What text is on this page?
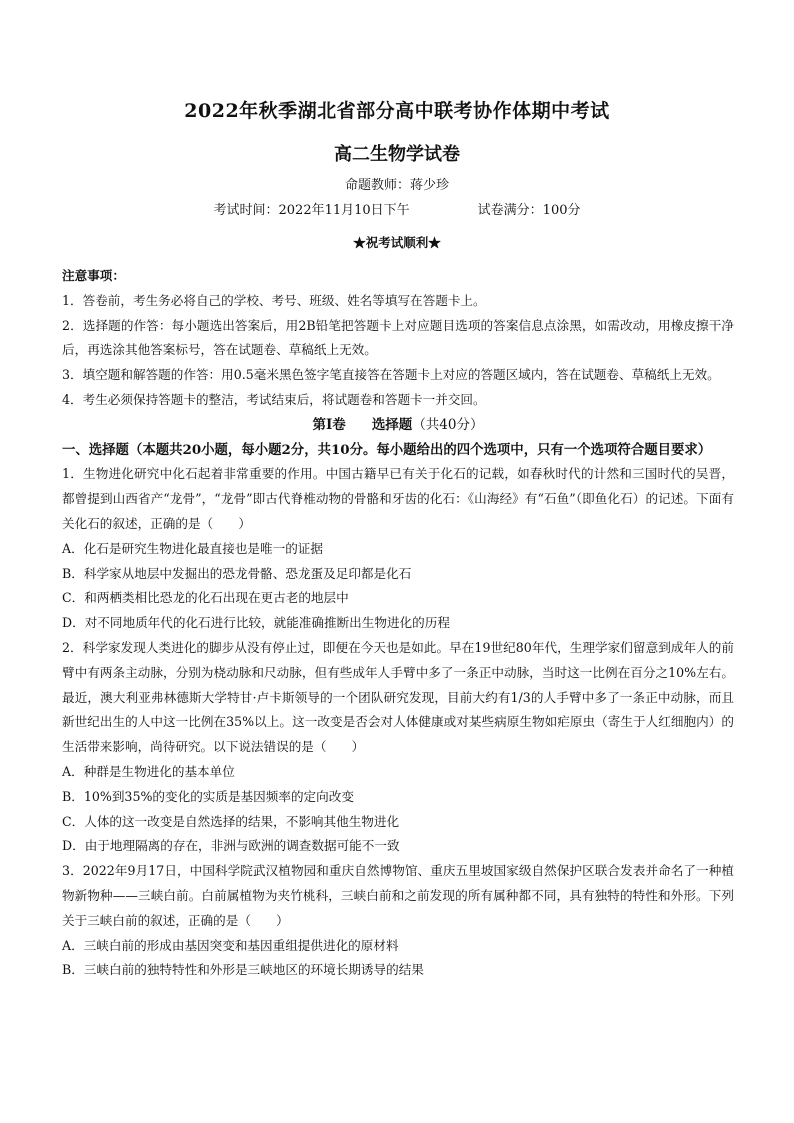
2022年秋季湖北省部分高中联考协作体期中考试
高二生物学试卷
命题教师：蒋少珍
考试时间：2022年11月10日下午	试卷满分：100分
★祝考试顺利★

注意事项：

1．答卷前，考生务必将自己的学校、考号、班级、姓名等填写在答题卡上。

2．选择题的作答：每小题选出答案后，用2B铅笔把答题卡上对应题目选项的答案信息点涂黑，如需改动，用橡皮擦干净后，再选涂其他答案标号，答在试题卷、草稿纸上无效。

3．填空题和解答题的作答：用0.5毫米黑色签字笔直接答在答题卡上对应的答题区域内，答在试题卷、草稿纸上无效。

4．考生必须保持答题卡的整洁，考试结束后，将试题卷和答题卡一并交回。

第Ⅰ卷 选择题（共40分）

一、选择题（本题共20小题，每小题2分，共10分。每小题给出的四个选项中，只有一个选项符合题目要求）

1．生物进化研究中化石起着非常重要的作用。中国古籍早已有关于化石的记载，如春秋时代的计然和三国时代的吴晋，都曾提到山西省产“龙骨”，“龙骨”即古代脊椎动物的骨骼和牙齿的化石：《山海经》有“石鱼”（即鱼化石）的记述。下面有关化石的叙述，正确的是（　　）

A．化石是研究生物进化最直接也是唯一的证据

B．科学家从地层中发掘出的恐龙骨骼、恐龙蛋及足印都是化石

C．和两栖类相比恐龙的化石出现在更古老的地层中

D．对不同地质年代的化石进行比较，就能准确推断出生物进化的历程

2．科学家发现人类进化的脚步从没有停止过，即便在今天也是如此。早在19世纪80年代，生理学家们留意到成年人的前臂中有两条主动脉，分别为桡动脉和尺动脉，但有些成年人手臂中多了一条正中动脉，当时这一比例在百分之10%左右。最近，澳大利亚弗林德斯大学特甘·卢卡斯领导的一个团队研究发现，目前大约有1/3的人手臂中多了一条正中动脉，而且新世纪出生的人中这一比例在35%以上。这一改变是否会对人体健康或对某些病原生物如疟原虫（寄生于人红细胞内）的生活带来影响，尚待研究。以下说法错误的是（　　）

A．种群是生物进化的基本单位

B．10%到35%的变化的实质是基因频率的定向改变

C．人体的这一改变是自然选择的结果，不影响其他生物进化

D．由于地理隔离的存在，非洲与欧洲的调查数据可能不一致

3．2022年9月17日，中国科学院武汉植物园和重庆自然博物馆、重庆五里坡国家级自然保护区联合发表并命名了一种植物新物种——三峡白前。白前属植物为夹竹桃科，三峡白前和之前发现的所有属种都不同，具有独特的特性和外形。下列关于三峡白前的叙述，正确的是（　　）

A．三峡白前的形成由基因突变和基因重组提供进化的原材料

B．三峡白前的独特特性和外形是三峡地区的环境长期诱导的结果
